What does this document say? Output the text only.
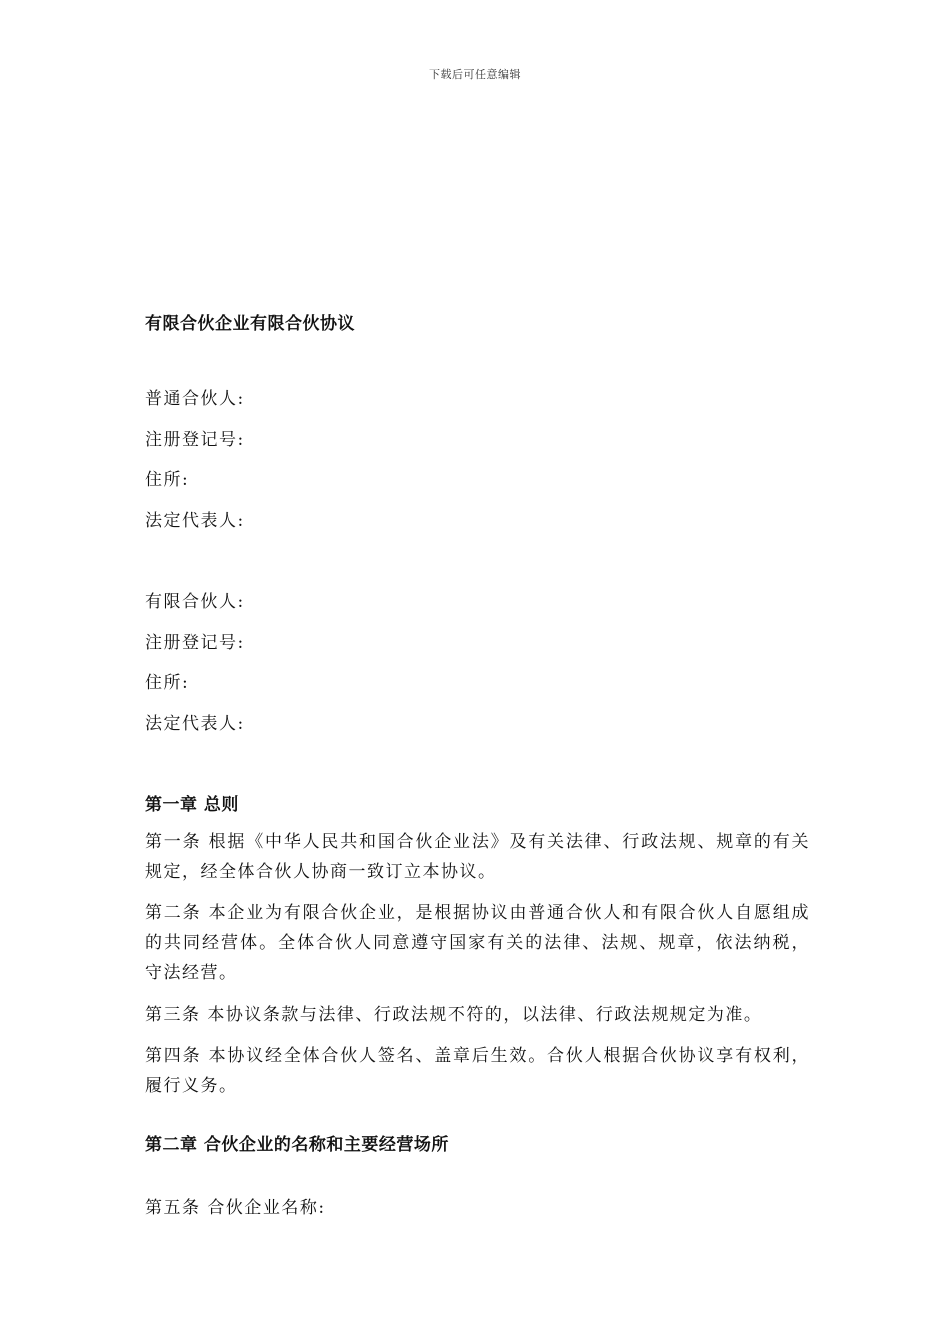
下载后可任意编辑
有限合伙企业有限合伙协议
普通合伙人:
注册登记号:
住所:
法定代表人:
有限合伙人:
注册登记号:
住所:
法定代表人:
第一章 总则
第一条 根据《中华人民共和国合伙企业法》及有关法律、行政法规、规章的有关规定，经全体合伙人协商一致订立本协议。
第二条 本企业为有限合伙企业，是根据协议由普通合伙人和有限合伙人自愿组成的共同经营体。全体合伙人同意遵守国家有关的法律、法规、规章，依法纳税，守法经营。
第三条 本协议条款与法律、行政法规不符的，以法律、行政法规规定为准。
第四条 本协议经全体合伙人签名、盖章后生效。合伙人根据合伙协议享有权利，履行义务。
第二章 合伙企业的名称和主要经营场所
第五条 合伙企业名称:
